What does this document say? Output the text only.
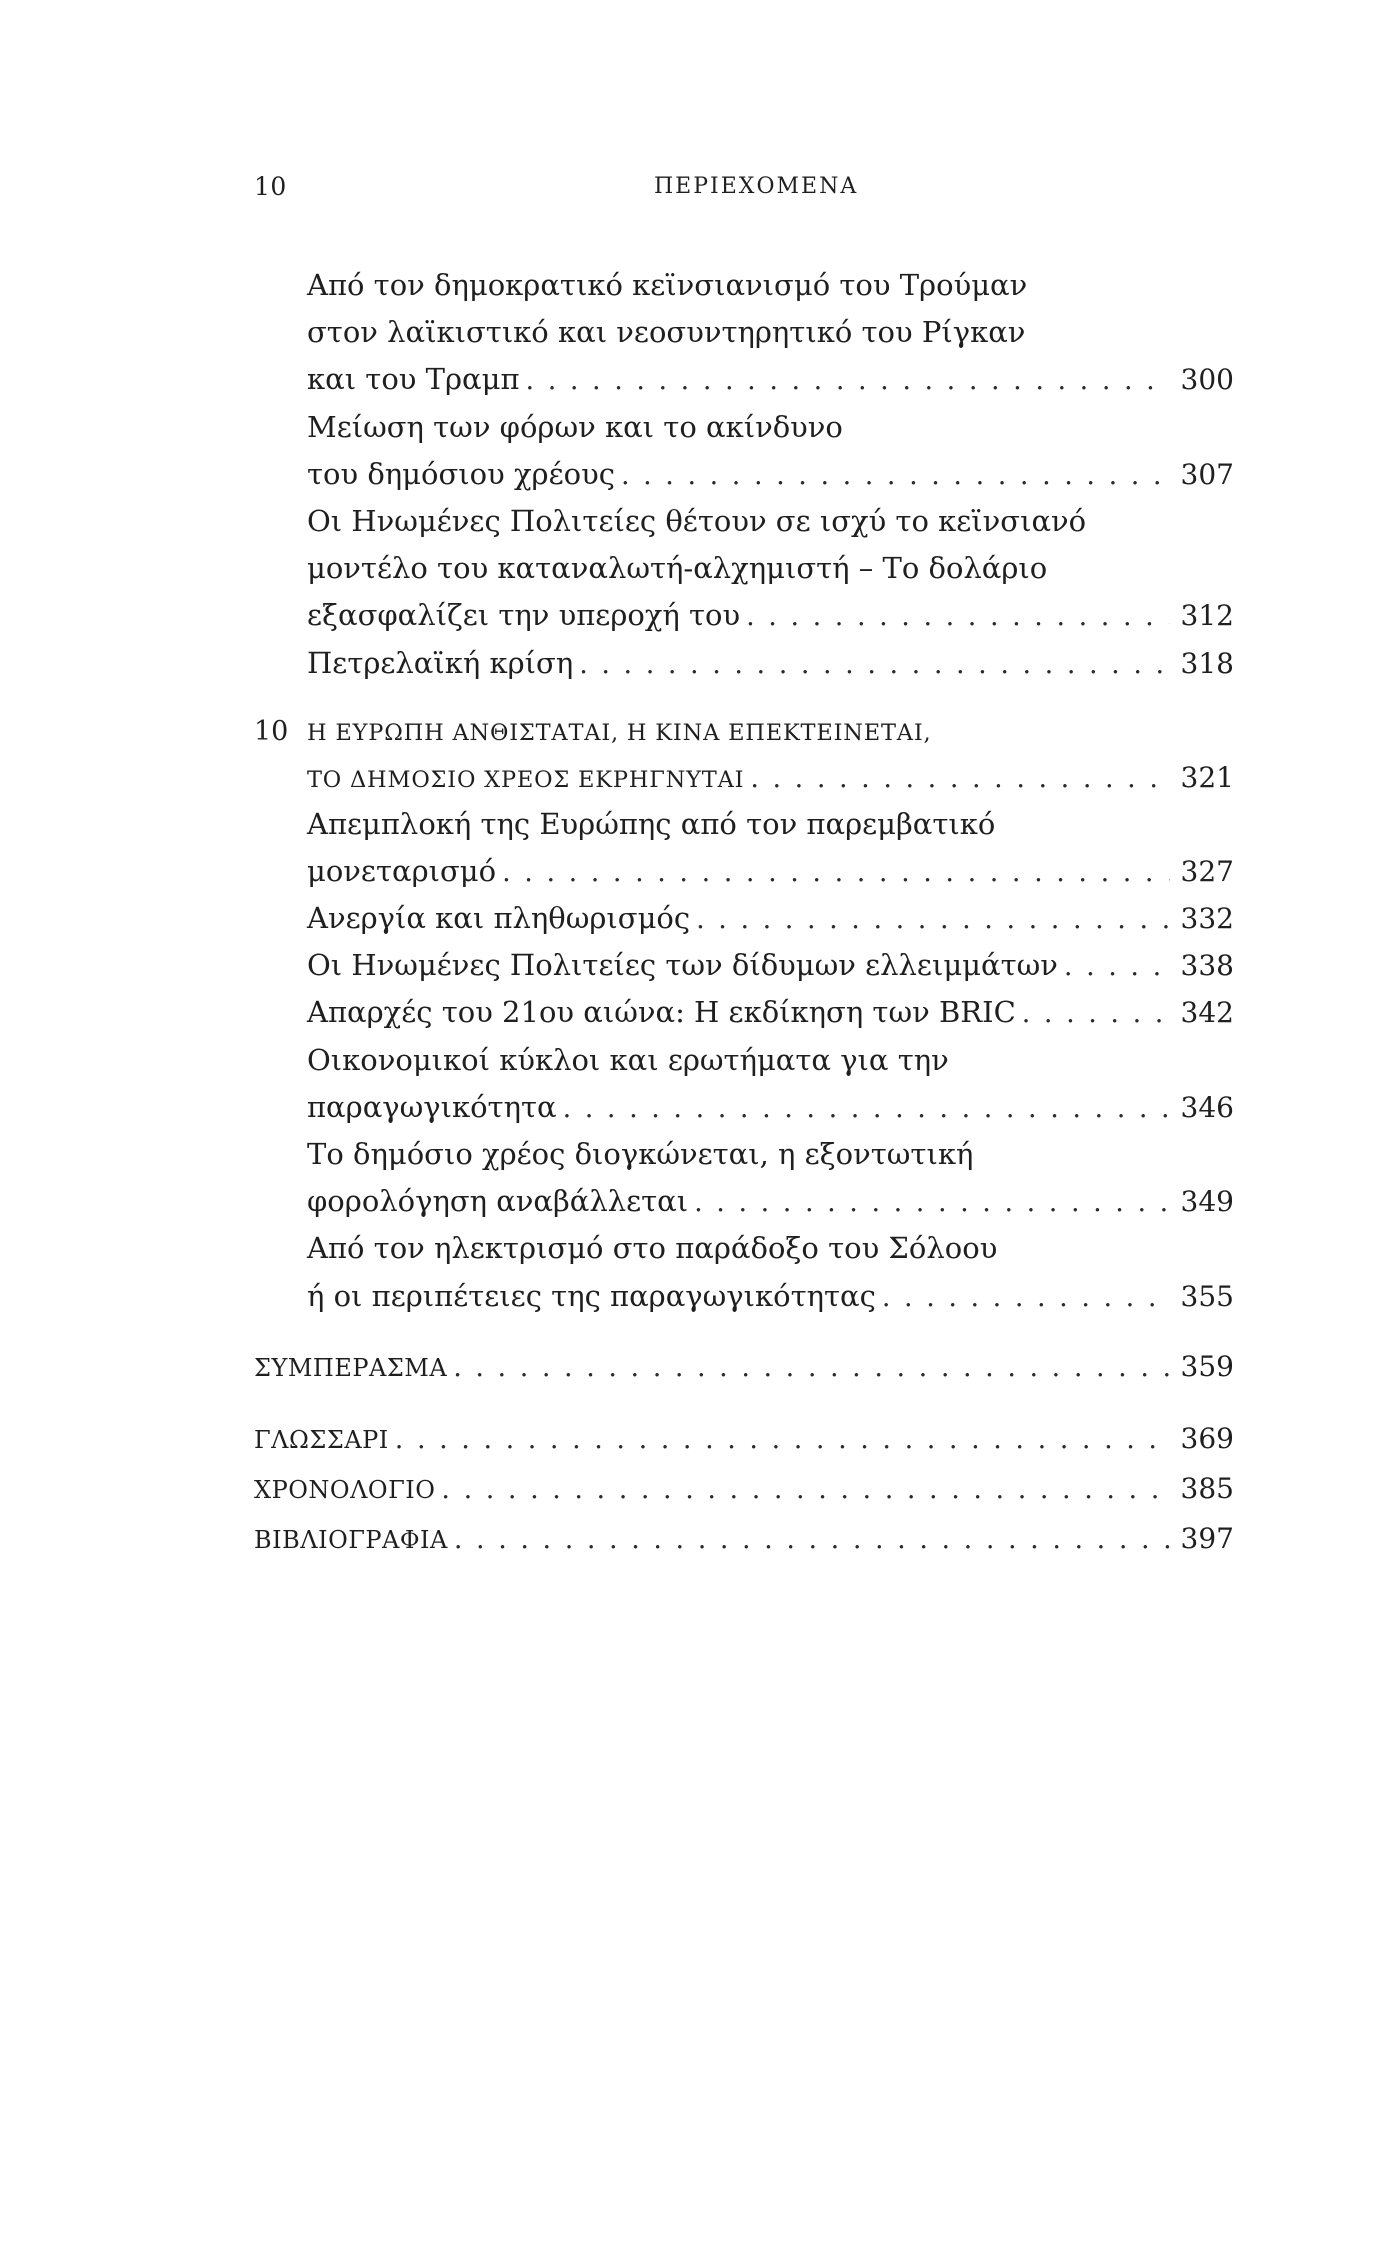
10	ΠΕΡΙΕΧΟΜΕΝΑ
Από τον δημοκρατικό κεϊνσιανισμό του Τρούμαν
στον λαϊκιστικό και νεοσυντηρητικό του Ρίγκαν
και του Τραμπ . . .	300
Μείωση των φόρων και το ακίνδυνο
του δημόσιου χρέους . . .	307
Οι Ηνωμένες Πολιτείες θέτουν σε ισχύ το κεϊνσιανό
μοντέλο του καταναλωτή-αλχημιστή – Το δολάριο
εξασφαλίζει την υπεροχή του . . .	312
Πετρελαϊκή κρίση . . .	318
10 Η ΕΥΡΩΠΗ ΑΝΘΙΣΤΑΤΑΙ, Η ΚΙΝΑ ΕΠΕΚΤΕΙΝΕΤΑΙ,
ΤΟ ΔΗΜΟΣΙΟ ΧΡΕΟΣ ΕΚΡΗΓΝΥΤΑΙ . . .	321
Απεμπλοκή της Ευρώπης από τον παρεμβατικό
μονεταρισμό . . .	327
Ανεργία και πληθωρισμός . . .	332
Οι Ηνωμένες Πολιτείες των δίδυμων ελλειμμάτων . . .	338
Απαρχές του 21ου αιώνα: Η εκδίκηση των BRIC . . .	342
Οικονομικοί κύκλοι και ερωτήματα για την
παραγωγικότητα . . .	346
Το δημόσιο χρέος διογκώνεται, η εξοντωτική
φορολόγηση αναβάλλεται . . .	349
Από τον ηλεκτρισμό στο παράδοξο του Σόλοου
ή οι περιπέτειες της παραγωγικότητας . . .	355
ΣΥΜΠΕΡΑΣΜΑ . . .	359
ΓΛΩΣΣΑΡΙ . . .	369
ΧΡΟΝΟΛΟΓΙΟ . . .	385
ΒΙΒΛΙΟΓΡΑΦΙΑ . . .	397
